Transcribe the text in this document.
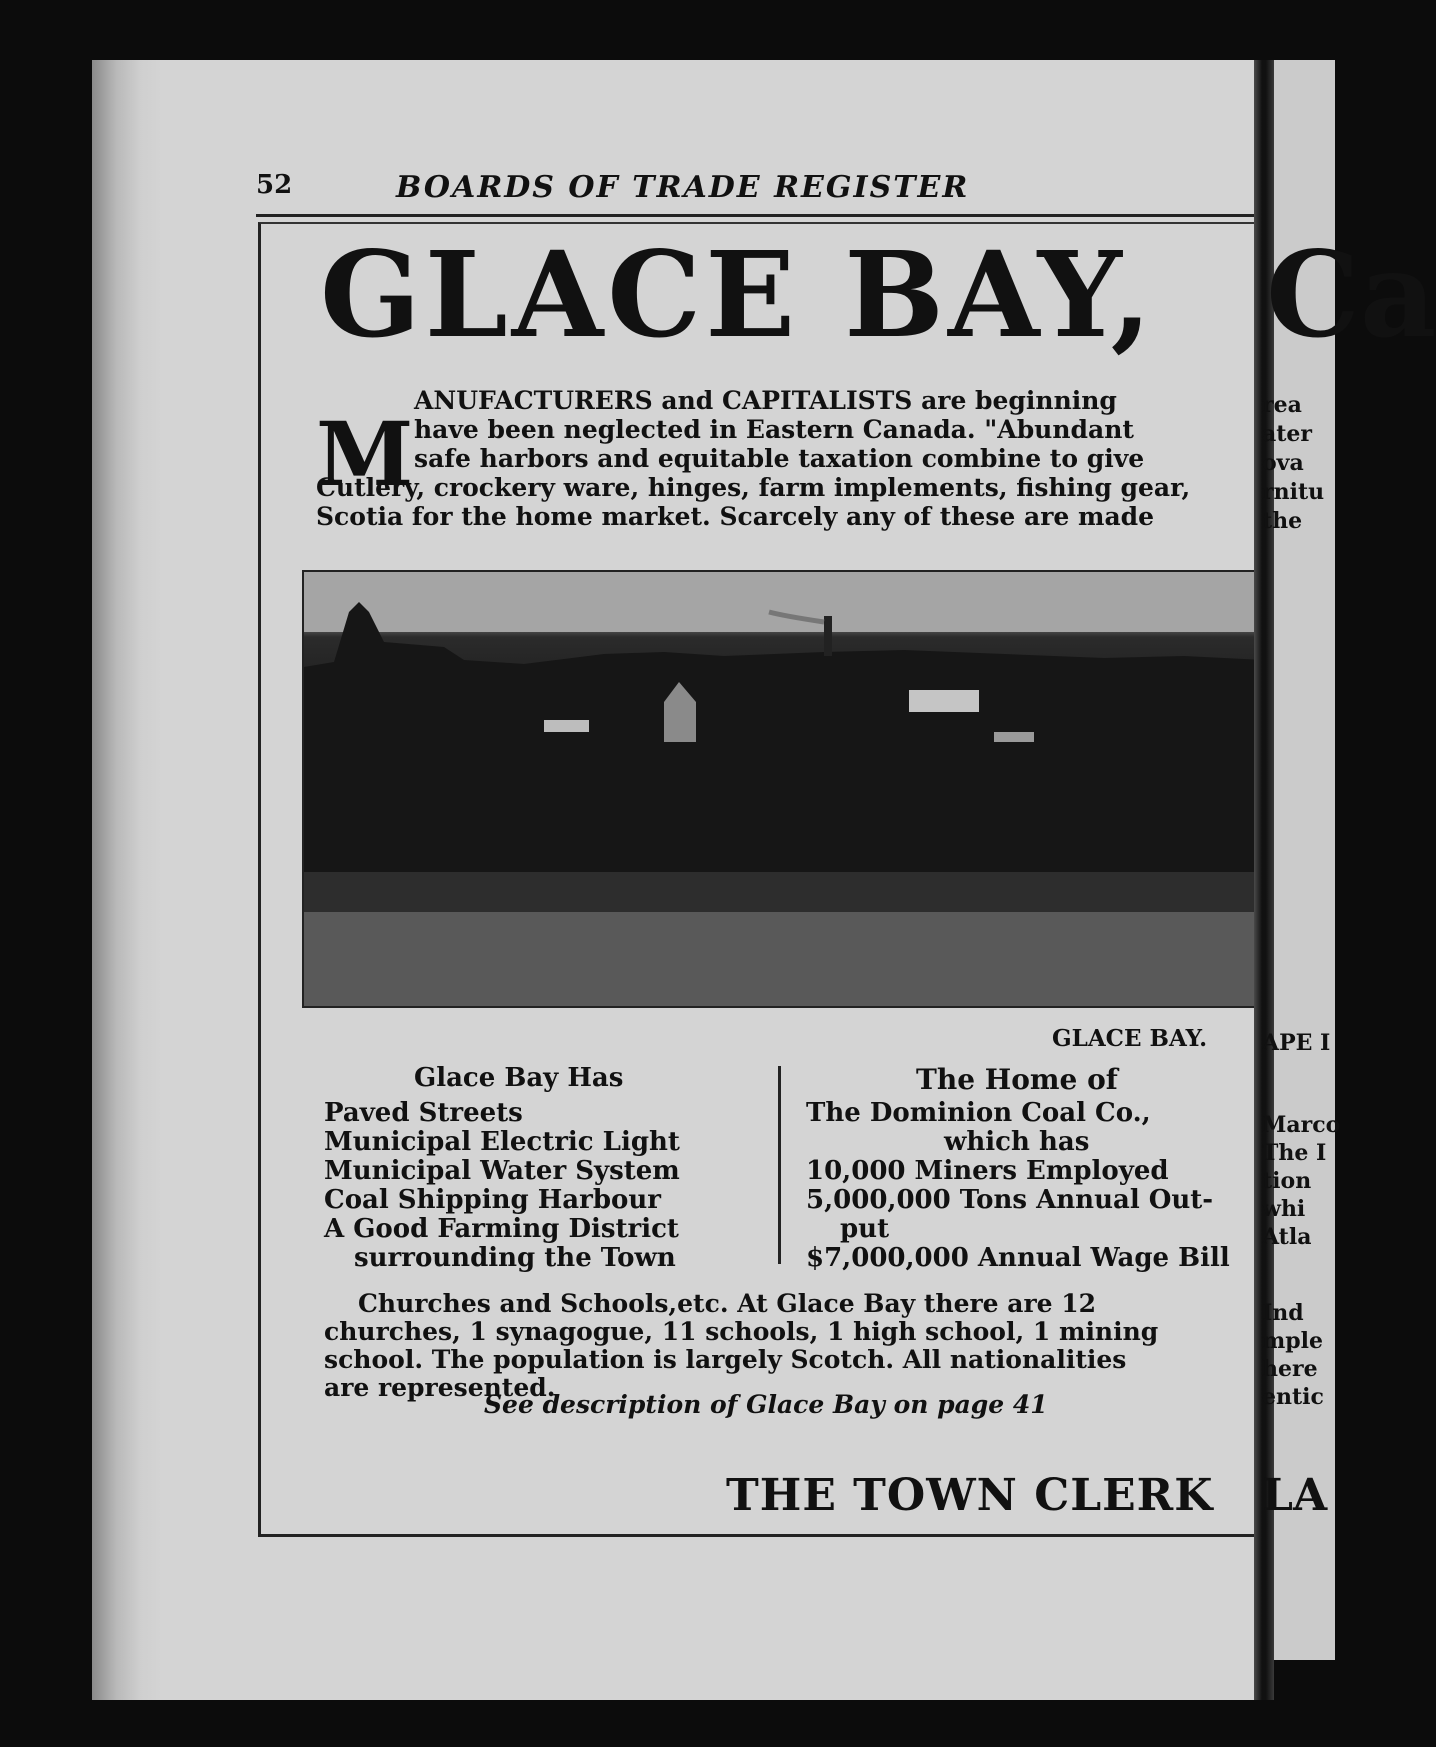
52	BOARDS OF TRADE REGISTER
GLACE BAY,
M
ANUFACTURERS and CAPITALISTS are beginning
have been neglected in Eastern Canada. "Abundant
safe harbors and equitable taxation combine to give
Cutlery, crockery ware, hinges, farm implements, fishing gear,
Scotia for the home market. Scarcely any of these are made
GLACE BAY.
Glace Bay Has	The Home of
Paved Streets
Municipal Electric Light
Municipal Water System
Coal Shipping Harbour
A Good Farming District
surrounding the Town
The Dominion Coal Co.,
which has
10,000 Miners Employed
5,000,000 Tons Annual Out-
put
$7,000,000 Annual Wage Bill
Churches and Schools,etc. At Glace Bay there are 12
churches, 1 synagogue, 11 schools, 1 high school, 1 mining
school. The population is largely Scotch. All nationalities
are represented.
See description of Glace Bay on page 41
THE TOWN CLERK
Ca
rea
ater
ova
rnitu
the
APE I
Marco
The I
tion
whi
Atla
Ind
mple
here
entic
LA
